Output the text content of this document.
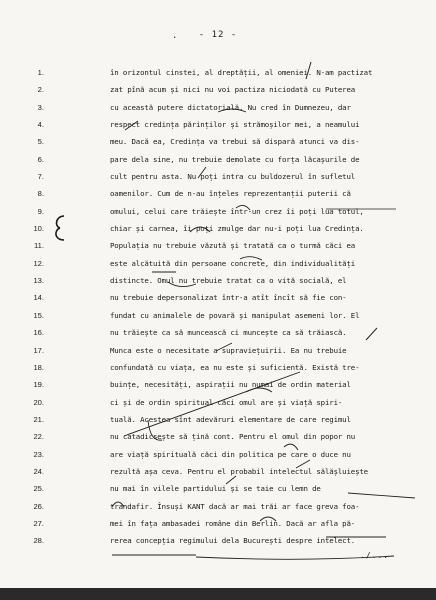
.	- 12 -
1.
2.
3.
4.
5.
6.
7.
8.
9.
10.
11.
12.
13.
14.
15.
16.
17.
18.
19.
20.
21.
22.
23.
24.
25.
26.
27.
28.
în orizontul cinstei, al dreptății, al omeniei. N-am pactizat
zat pînă acum și nici nu voi pactiza niciodată cu Puterea
cu această putere dictatorială. Nu cred în Dumnezeu, dar
respect credința părinților și strămoșilor mei, a neamului
meu. Dacă ea, Credința va trebui să dispară atunci va dis-
pare dela sine, nu trebuie demolate cu forța lăcașurile de
cult pentru asta. Nu poți intra cu buldozerul în sufletul
oamenilor. Cum de n-au înțeles reprezentanții puterii că
omului, celui care trăiește într-un crez îi poți lua totul,
chiar și carnea, îi poți zmulge dar nu-i poți lua Credința.
Populația nu trebuie văzută și tratată ca o turmă căci ea
este alcătuită din persoane concrete, din individualități
distincte. Omul nu trebuie tratat ca o vită socială, el
nu trebuie depersonalizat într-a atît încît să fie con-
fundat cu animalele de povară și manipulat asemeni lor. El
nu trăiește ca să muncească ci muncește ca să trăiască.
Munca este o necesitate a supraviețuirii. Ea nu trebuie
confundată cu viața, ea nu este și suficientă. Există tre-
buințe, necesități, aspirații nu numai de ordin material
ci și de ordin spiritual căci omul are și viață spiri-
tuală. Acestea sînt adevăruri elementare de care regimul
nu catadicsește să țină cont. Pentru el omul din popor nu
are viață spirituală căci din politica pe care o duce nu
rezultă așa ceva. Pentru el probabil intelectul sălășluiește
nu mai în vilele partidului și se taie cu lemn de
trandafir. Însuși KANT dacă ar mai trăi ar face greva foa-
mei în fața ambasadei române din Berlin. Dacă ar afla pă-
rerea concepția regimului dela București despre intelect.
./...
